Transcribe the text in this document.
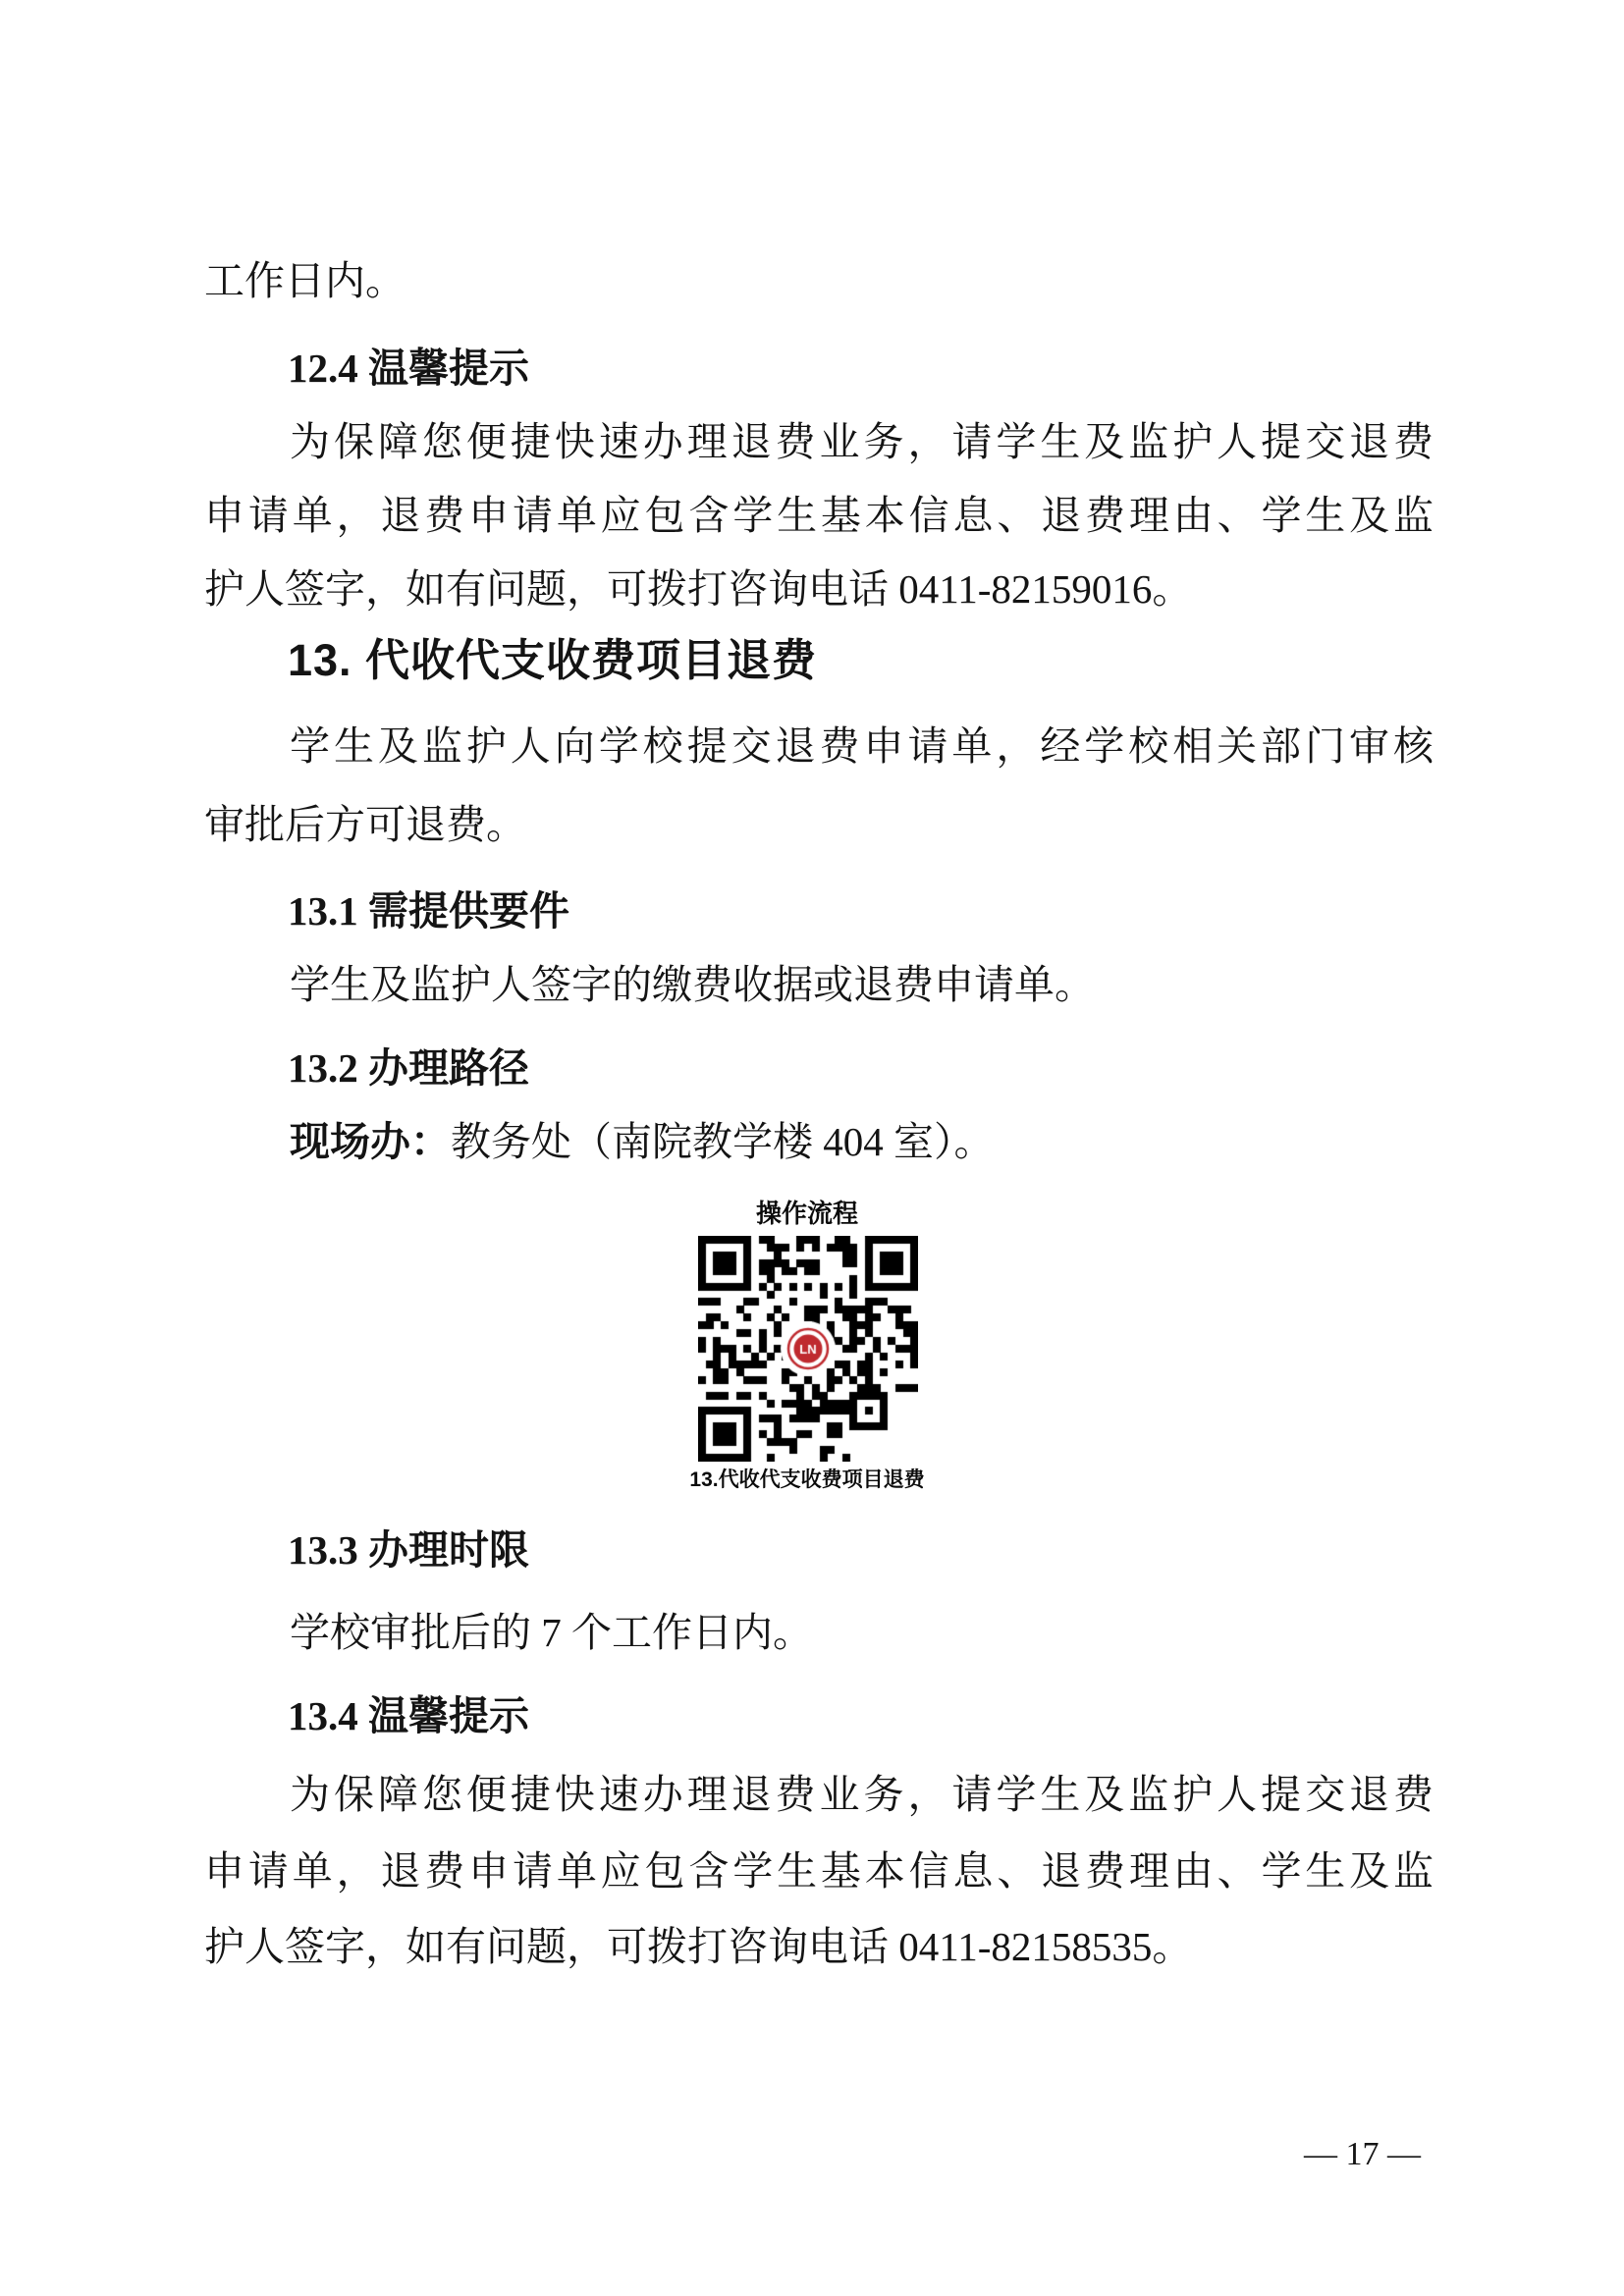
工作日内。
12.4 温馨提示
为保障您便捷快速办理退费业务，请学生及监护人提交退费
申请单，退费申请单应包含学生基本信息、退费理由、学生及监
护人签字，如有问题，可拨打咨询电话 0411-82159016。
13. 代收代支收费项目退费
学生及监护人向学校提交退费申请单，经学校相关部门审核
审批后方可退费。
13.1 需提供要件
学生及监护人签字的缴费收据或退费申请单。
13.2 办理路径
现场办：教务处（南院教学楼 404 室）。
操作流程
13.代收代支收费项目退费
13.3 办理时限
学校审批后的 7 个工作日内。
13.4 温馨提示
为保障您便捷快速办理退费业务，请学生及监护人提交退费
申请单，退费申请单应包含学生基本信息、退费理由、学生及监
护人签字，如有问题，可拨打咨询电话 0411-82158535。
— 17 —
